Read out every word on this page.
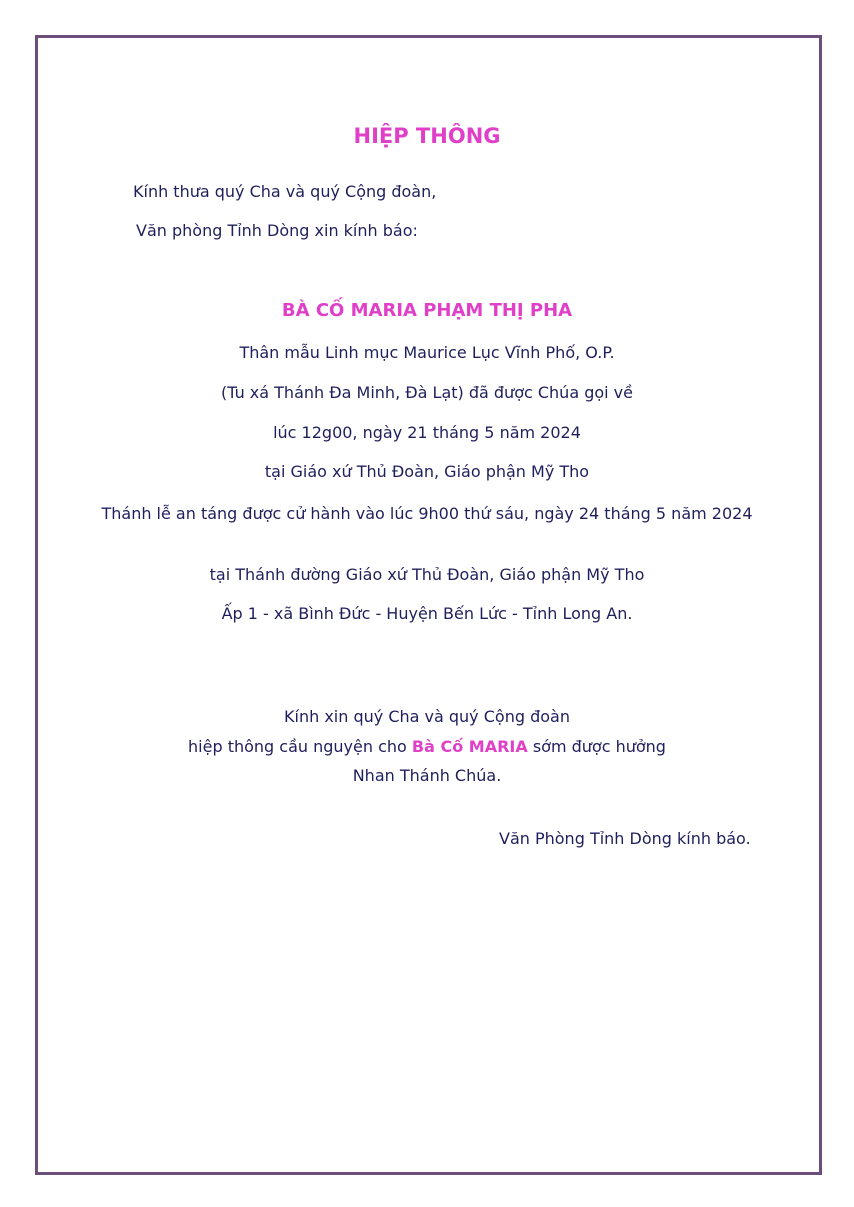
HIỆP THÔNG
Kính thưa quý Cha và quý Cộng đoàn,
Văn phòng Tỉnh Dòng xin kính báo:
BÀ CỐ MARIA PHẠM THỊ PHA
Thân mẫu Linh mục Maurice Lục Vĩnh Phố, O.P.
(Tu xá Thánh Đa Minh, Đà Lạt) đã được Chúa gọi về
lúc 12g00, ngày 21 tháng 5 năm 2024
tại Giáo xứ Thủ Đoàn, Giáo phận Mỹ Tho
Thánh lễ an táng được cử hành vào lúc 9h00 thứ sáu, ngày 24 tháng 5 năm 2024
tại Thánh đường Giáo xứ Thủ Đoàn, Giáo phận Mỹ Tho
Ấp 1 - xã Bình Đức - Huyện Bến Lức - Tỉnh Long An.
Kính xin quý Cha và quý Cộng đoàn
hiệp thông cầu nguyện cho Bà Cố MARIA sớm được hưởng
Nhan Thánh Chúa.
Văn Phòng Tỉnh Dòng kính báo.
